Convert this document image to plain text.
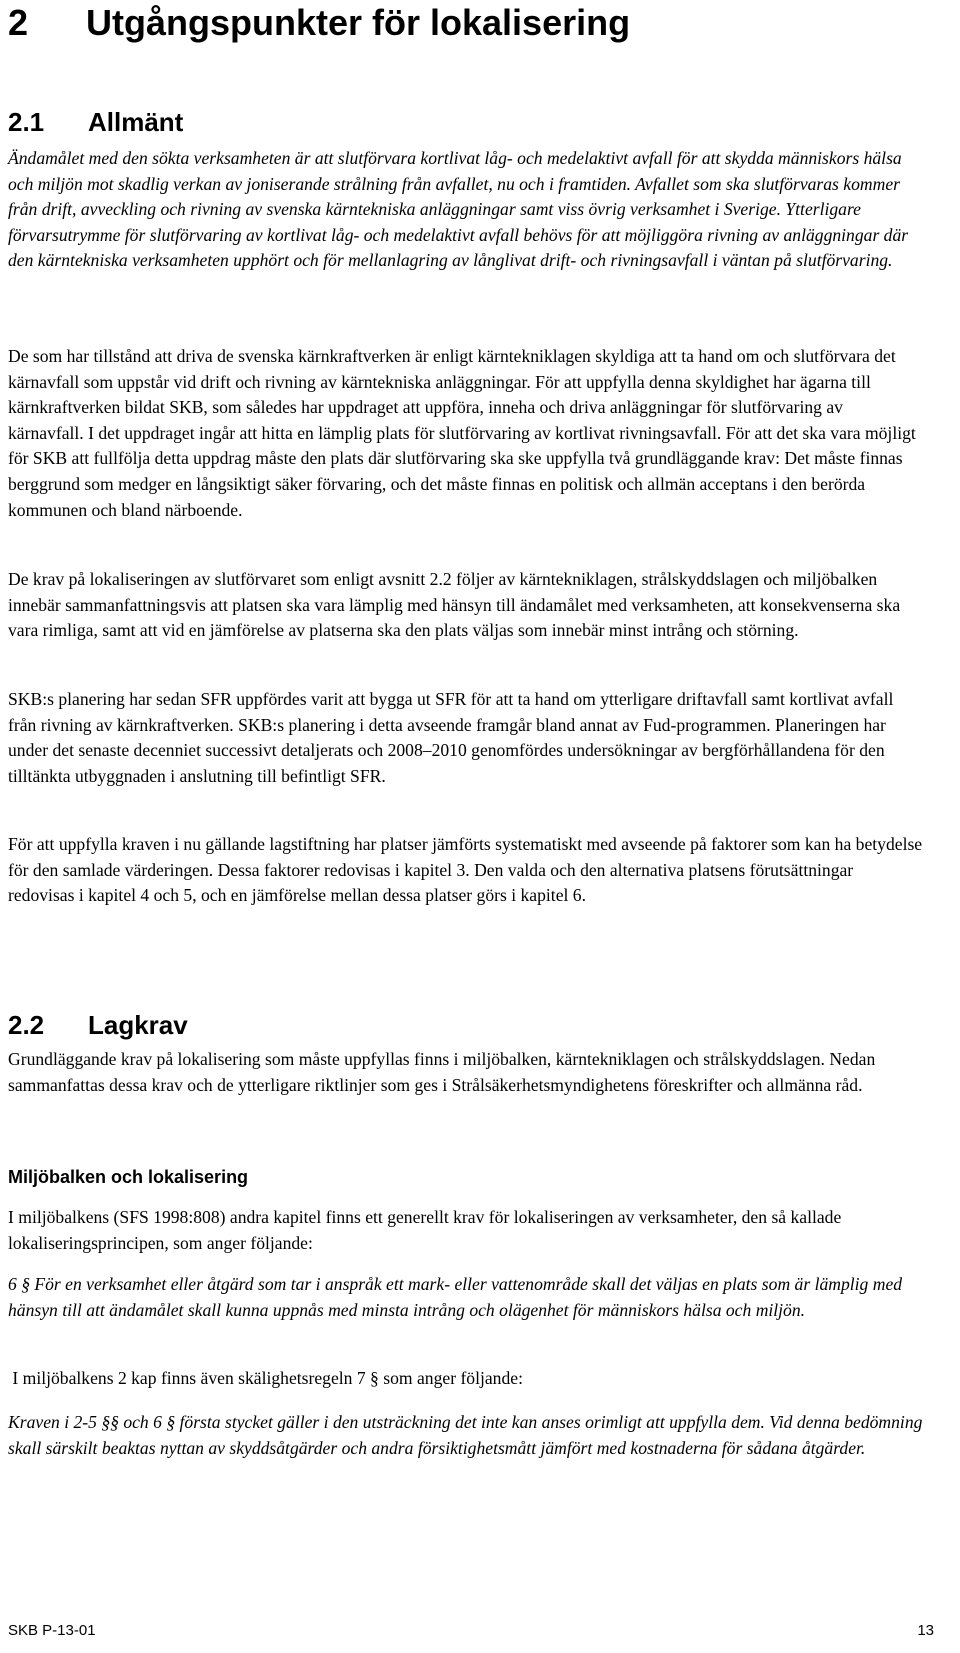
2 Utgångspunkter för lokalisering
2.1 Allmänt

Ändamålet med den sökta verksamheten är att slutförvara kortlivat låg- och medelaktivt avfall för att skydda människors hälsa och miljön mot skadlig verkan av joniserande strålning från avfallet, nu och i framtiden. Avfallet som ska slutförvaras kommer från drift, avveckling och rivning av svenska kärntekniska anläggningar samt viss övrig verksamhet i Sverige. Ytterligare förvarsutrymme för slutförvaring av kortlivat låg- och medelaktivt avfall behövs för att möjliggöra rivning av anläggningar där den kärntekniska verksamheten upphört och för mellanlagring av långlivat drift- och rivningsavfall i väntan på slutförvaring.

De som har tillstånd att driva de svenska kärnkraftverken är enligt kärntekniklagen skyldiga att ta hand om och slutförvara det kärnavfall som uppstår vid drift och rivning av kärntekniska anläggningar. För att uppfylla denna skyldighet har ägarna till kärnkraftverken bildat SKB, som således har uppdraget att uppföra, inneha och driva anläggningar för slutförvaring av kärnavfall. I det uppdraget ingår att hitta en lämplig plats för slutförvaring av kortlivat rivningsavfall. För att det ska vara möjligt för SKB att fullfölja detta uppdrag måste den plats där slutförvaring ska ske uppfylla två grundläggande krav: Det måste finnas berggrund som medger en långsiktigt säker förvaring, och det måste finnas en politisk och allmän acceptans i den berörda kommunen och bland närboende.

De krav på lokaliseringen av slutförvaret som enligt avsnitt 2.2 följer av kärntekniklagen, strålskyddslagen och miljöbalken innebär sammanfattningsvis att platsen ska vara lämplig med hänsyn till ändamålet med verksamheten, att konsekvenserna ska vara rimliga, samt att vid en jämförelse av platserna ska den plats väljas som innebär minst intrång och störning.

SKB:s planering har sedan SFR uppfördes varit att bygga ut SFR för att ta hand om ytterligare driftavfall samt kortlivat avfall från rivning av kärnkraftverken. SKB:s planering i detta avseende framgår bland annat av Fud-programmen. Planeringen har under det senaste decenniet successivt detaljerats och 2008–2010 genomfördes undersökningar av bergförhållandena för den tilltänkta utbyggnaden i anslutning till befintligt SFR.

För att uppfylla kraven i nu gällande lagstiftning har platser jämförts systematiskt med avseende på faktorer som kan ha betydelse för den samlade värderingen. Dessa faktorer redovisas i kapitel 3. Den valda och den alternativa platsens förutsättningar redovisas i kapitel 4 och 5, och en jämförelse mellan dessa platser görs i kapitel 6.

2.2 Lagkrav

Grundläggande krav på lokalisering som måste uppfyllas finns i miljöbalken, kärntekniklagen och strålskyddslagen. Nedan sammanfattas dessa krav och de ytterligare riktlinjer som ges i Strålsäkerhetsmyndighetens föreskrifter och allmänna råd.

Miljöbalken och lokalisering

I miljöbalkens (SFS 1998:808) andra kapitel finns ett generellt krav för lokaliseringen av verksamheter, den så kallade lokaliseringsprincipen, som anger följande:

6 § För en verksamhet eller åtgärd som tar i anspråk ett mark- eller vattenområde skall det väljas en plats som är lämplig med hänsyn till att ändamålet skall kunna uppnås med minsta intrång och olägenhet för människors hälsa och miljön.

I miljöbalkens 2 kap finns även skälighetsregeln 7 § som anger följande:

Kraven i 2-5 §§ och 6 § första stycket gäller i den utsträckning det inte kan anses orimligt att uppfylla dem. Vid denna bedömning skall särskilt beaktas nyttan av skyddsåtgärder och andra försiktighetsmått jämfört med kostnaderna för sådana åtgärder.

SKB P-13-01	13
